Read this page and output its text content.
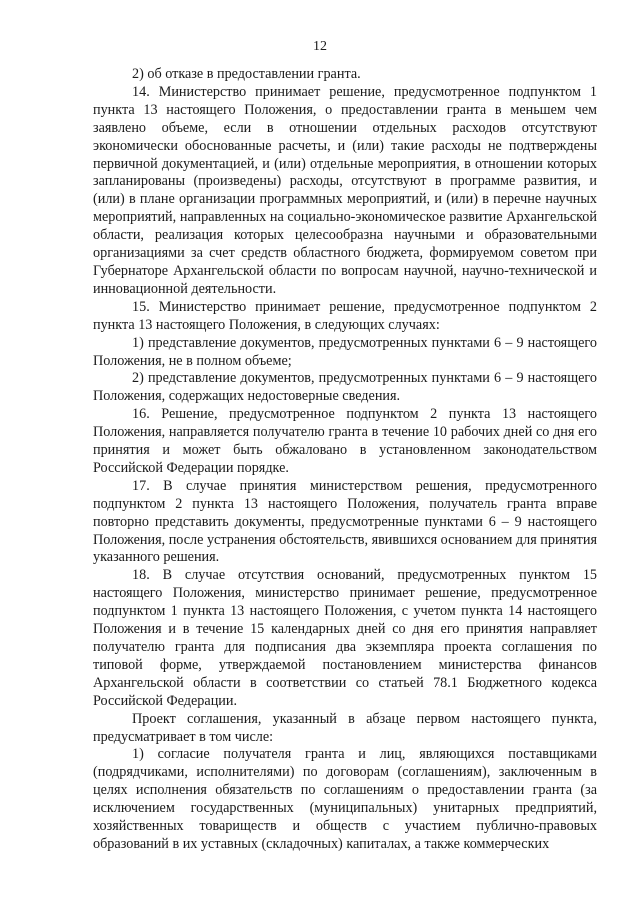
12

2) об отказе в предоставлении гранта.

14. Министерство принимает решение, предусмотренное подпунктом 1 пункта 13 настоящего Положения, о предоставлении гранта в меньшем чем заявлено объеме, если в отношении отдельных расходов отсутствуют экономически обоснованные расчеты, и (или) такие расходы не подтверждены первичной документацией, и (или) отдельные мероприятия, в отношении которых запланированы (произведены) расходы, отсутствуют в программе развития, и (или) в плане организации программных мероприятий, и (или) в перечне научных мероприятий, направленных на социально-экономическое развитие Архангельской области, реализация которых целесообразна научными и образовательными организациями за счет средств областного бюджета, формируемом советом при Губернаторе Архангельской области по вопросам научной, научно-технической и инновационной деятельности.

15. Министерство принимает решение, предусмотренное подпунктом 2 пункта 13 настоящего Положения, в следующих случаях:

1) представление документов, предусмотренных пунктами 6 – 9 настоящего Положения, не в полном объеме;

2) представление документов, предусмотренных пунктами 6 – 9 настоящего Положения, содержащих недостоверные сведения.

16. Решение, предусмотренное подпунктом 2 пункта 13 настоящего Положения, направляется получателю гранта в течение 10 рабочих дней со дня его принятия и может быть обжаловано в установленном законодательством Российской Федерации порядке.

17. В случае принятия министерством решения, предусмотренного подпунктом 2 пункта 13 настоящего Положения, получатель гранта вправе повторно представить документы, предусмотренные пунктами 6 – 9 настоящего Положения, после устранения обстоятельств, явившихся основанием для принятия указанного решения.

18. В случае отсутствия оснований, предусмотренных пунктом 15 настоящего Положения, министерство принимает решение, предусмотренное подпунктом 1 пункта 13 настоящего Положения, с учетом пункта 14 настоящего Положения и в течение 15 календарных дней со дня его принятия направляет получателю гранта для подписания два экземпляра проекта соглашения по типовой форме, утверждаемой постановлением министерства финансов Архангельской области в соответствии со статьей 78.1 Бюджетного кодекса Российской Федерации.

Проект соглашения, указанный в абзаце первом настоящего пункта, предусматривает в том числе:

1) согласие получателя гранта и лиц, являющихся поставщиками (подрядчиками, исполнителями) по договорам (соглашениям), заключенным в целях исполнения обязательств по соглашениям о предоставлении гранта (за исключением государственных (муниципальных) унитарных предприятий, хозяйственных товариществ и обществ с участием публично-правовых образований в их уставных (складочных) капиталах, а также коммерческих
